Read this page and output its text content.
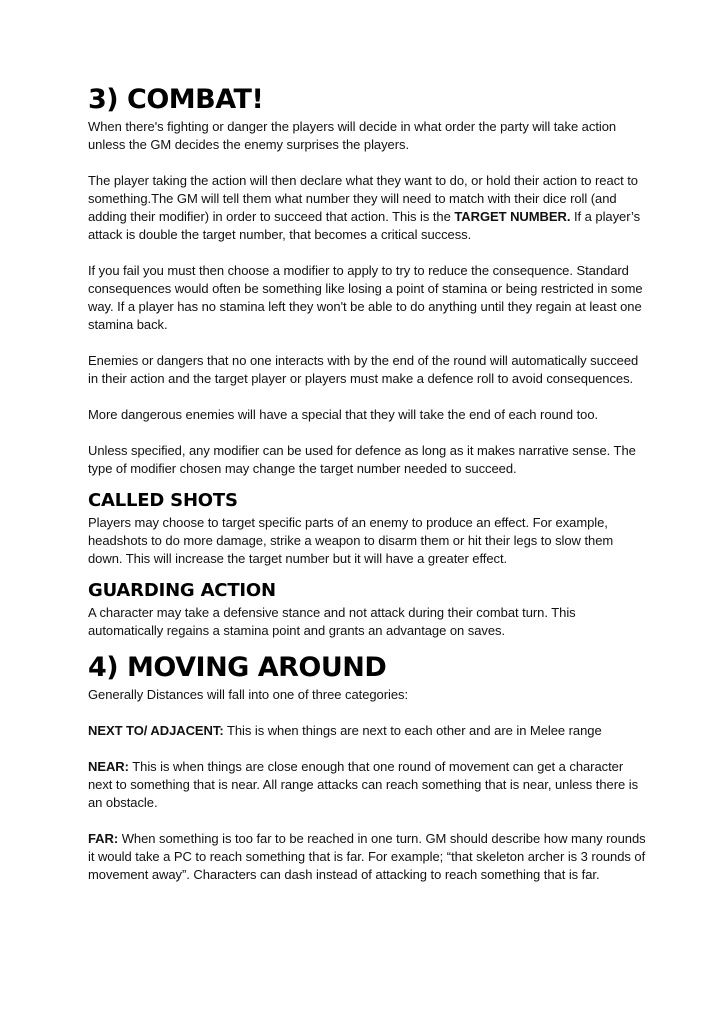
3) COMBAT!

When there's fighting or danger the players will decide in what order the party will take action unless the GM decides the enemy surprises the players.

The player taking the action will then declare what they want to do, or hold their action to react to something.The GM will tell them what number they will need to match with their dice roll (and adding their modifier) in order to succeed that action. This is the TARGET NUMBER. If a player’s attack is double the target number, that becomes a critical success.

If you fail you must then choose a modifier to apply to try to reduce the consequence. Standard consequences would often be something like losing a point of stamina or being restricted in some way. If a player has no stamina left they won't be able to do anything until they regain at least one stamina back.

Enemies or dangers that no one interacts with by the end of the round will automatically succeed in their action and the target player or players must make a defence roll to avoid consequences.

More dangerous enemies will have a special that they will take the end of each round too.

Unless specified, any modifier can be used for defence as long as it makes narrative sense. The type of modifier chosen may change the target number needed to succeed.

CALLED SHOTS

Players may choose to target specific parts of an enemy to produce an effect. For example, headshots to do more damage, strike a weapon to disarm them or hit their legs to slow them down. This will increase the target number but it will have a greater effect.

GUARDING ACTION

A character may take a defensive stance and not attack during their combat turn. This automatically regains a stamina point and grants an advantage on saves.

4) MOVING AROUND

Generally Distances will fall into one of three categories:

NEXT TO/ ADJACENT: This is when things are next to each other and are in Melee range

NEAR: This is when things are close enough that one round of movement can get a character next to something that is near. All range attacks can reach something that is near, unless there is an obstacle.

FAR: When something is too far to be reached in one turn. GM should describe how many rounds it would take a PC to reach something that is far. For example; “that skeleton archer is 3 rounds of movement away”. Characters can dash instead of attacking to reach something that is far.
